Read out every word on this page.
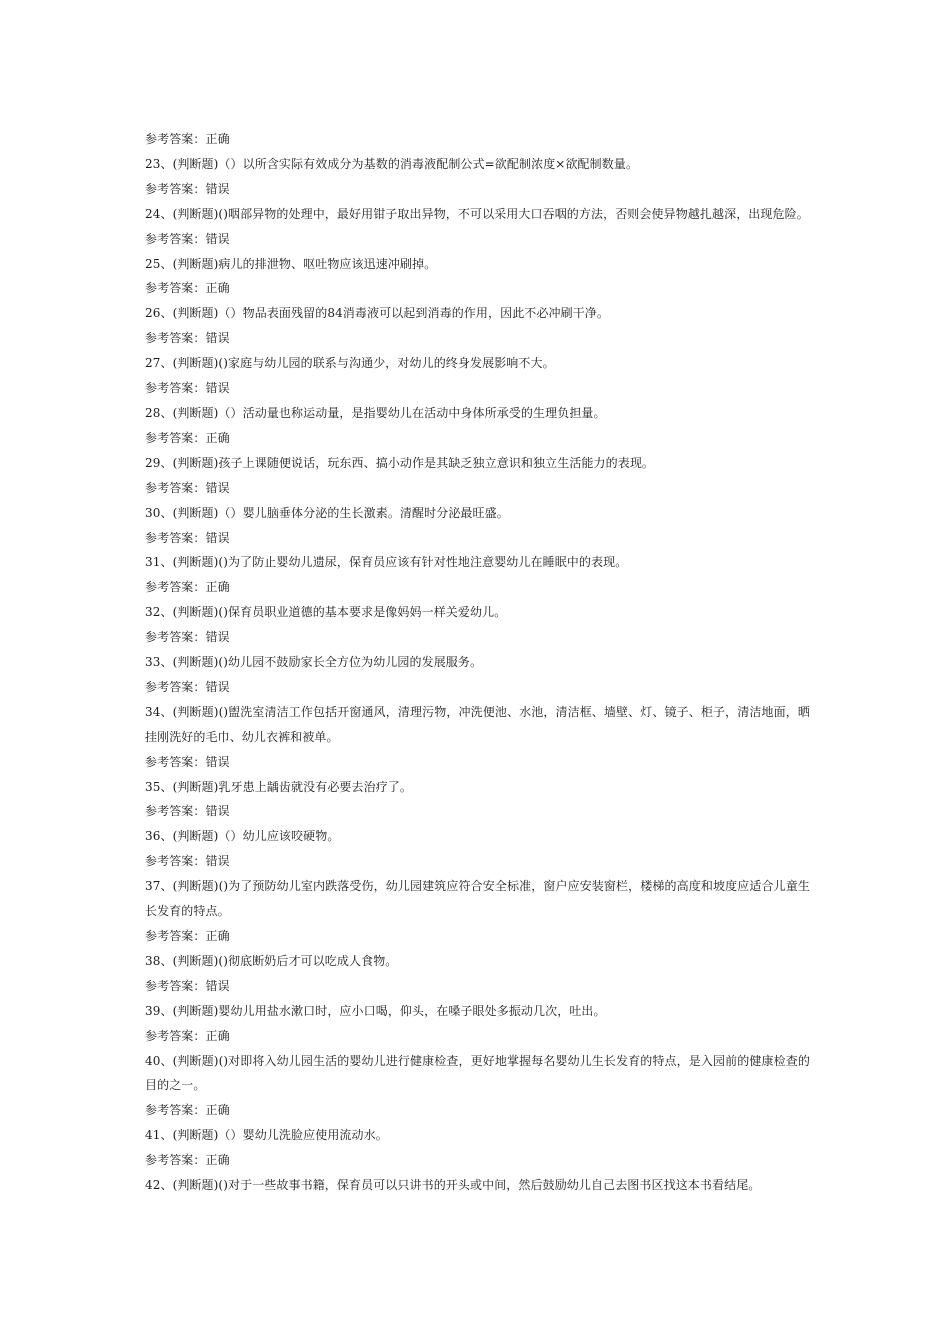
参考答案：正确
23、(判断题)（）以所含实际有效成分为基数的消毒液配制公式=欲配制浓度×欲配制数量。
参考答案：错误
24、(判断题)()咽部异物的处理中，最好用钳子取出异物，不可以采用大口吞咽的方法，否则会使异物越扎越深，出现危险。
参考答案：错误
25、(判断题)病儿的排泄物、呕吐物应该迅速冲刷掉。
参考答案：正确
26、(判断题)（）物品表面残留的84消毒液可以起到消毒的作用，因此不必冲刷干净。
参考答案：错误
27、(判断题)()家庭与幼儿园的联系与沟通少，对幼儿的终身发展影响不大。
参考答案：错误
28、(判断题)（）活动量也称运动量，是指婴幼儿在活动中身体所承受的生理负担量。
参考答案：正确
29、(判断题)孩子上课随便说话，玩东西、搞小动作是其缺乏独立意识和独立生活能力的表现。
参考答案：错误
30、(判断题)（）婴儿脑垂体分泌的生长激素。清醒时分泌最旺盛。
参考答案：错误
31、(判断题)()为了防止婴幼儿遗尿，保育员应该有针对性地注意婴幼儿在睡眠中的表现。
参考答案：正确
32、(判断题)()保育员职业道德的基本要求是像妈妈一样关爱幼儿。
参考答案：错误
33、(判断题)()幼儿园不鼓励家长全方位为幼儿园的发展服务。
参考答案：错误
34、(判断题)()盥洗室清洁工作包括开窗通风，清理污物，冲洗便池、水池，清洁框、墙壁、灯、镜子、柜子，清洁地面，晒挂刚洗好的毛巾、幼儿衣裤和被单。
参考答案：错误
35、(判断题)乳牙患上龋齿就没有必要去治疗了。
参考答案：错误
36、(判断题)（）幼儿应该咬硬物。
参考答案：错误
37、(判断题)()为了预防幼儿室内跌落受伤，幼儿园建筑应符合安全标准，窗户应安装窗栏，楼梯的高度和坡度应适合儿童生长发育的特点。
参考答案：正确
38、(判断题)()彻底断奶后才可以吃成人食物。
参考答案：错误
39、(判断题)婴幼儿用盐水漱口时，应小口喝，仰头，在嗓子眼处多振动几次，吐出。
参考答案：正确
40、(判断题)()对即将入幼儿园生活的婴幼儿进行健康检查，更好地掌握每名婴幼儿生长发育的特点，是入园前的健康检查的目的之一。
参考答案：正确
41、(判断题)（）婴幼儿洗脸应使用流动水。
参考答案：正确
42、(判断题)()对于一些故事书籍，保育员可以只讲书的开头或中间，然后鼓励幼儿自己去图书区找这本书看结尾。
